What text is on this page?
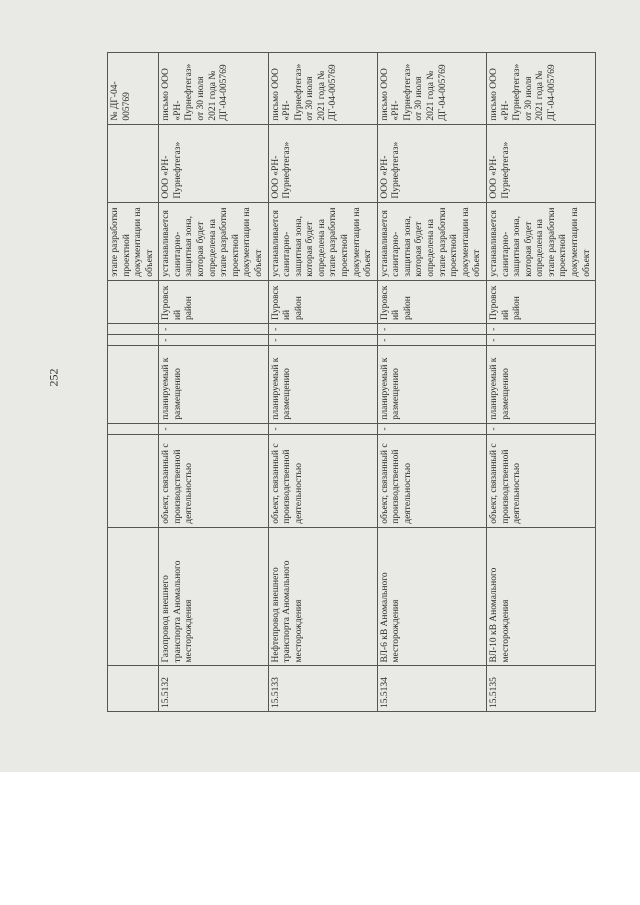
252
								этапе разработки проектной документации на объект		№ ДГ-04-005769
15.5132	Газопровод внешнего транспорта Аномального месторождения	объект, связанный с производственной деятельностью	-	планируемый к размещению	-	-	Пуровский район	устанавливается санитарно-защитная зона, которая будет определена на этапе разработки проектной документации на объект	ООО «РН-Пурнефтегаз»	письмо ООО «РН-Пурнефтегаз» от 30 июля 2021 года № ДГ-04-005769
15.5133	Нефтепровод внешнего транспорта Аномального месторождения	объект, связанный с производственной деятельностью	-	планируемый к размещению	-	-	Пуровский район	устанавливается санитарно-защитная зона, которая будет определена на этапе разработки проектной документации на объект	ООО «РН-Пурнефтегаз»	письмо ООО «РН-Пурнефтегаз» от 30 июля 2021 года № ДГ-04-005769
15.5134	ВЛ-6 кВ Аномального месторождения	объект, связанный с производственной деятельностью	-	планируемый к размещению	-	-	Пуровский район	устанавливается санитарно-защитная зона, которая будет определена на этапе разработки проектной документации на объект	ООО «РН-Пурнефтегаз»	письмо ООО «РН-Пурнефтегаз» от 30 июля 2021 года № ДГ-04-005769
15.5135	ВЛ-10 кВ Аномального месторождения	объект, связанный с производственной деятельностью	-	планируемый к размещению	-	-	Пуровский район	устанавливается санитарно-защитная зона, которая будет определена на этапе разработки проектной документации на объект	ООО «РН-Пурнефтегаз»	письмо ООО «РН-Пурнефтегаз» от 30 июля 2021 года № ДГ-04-005769
